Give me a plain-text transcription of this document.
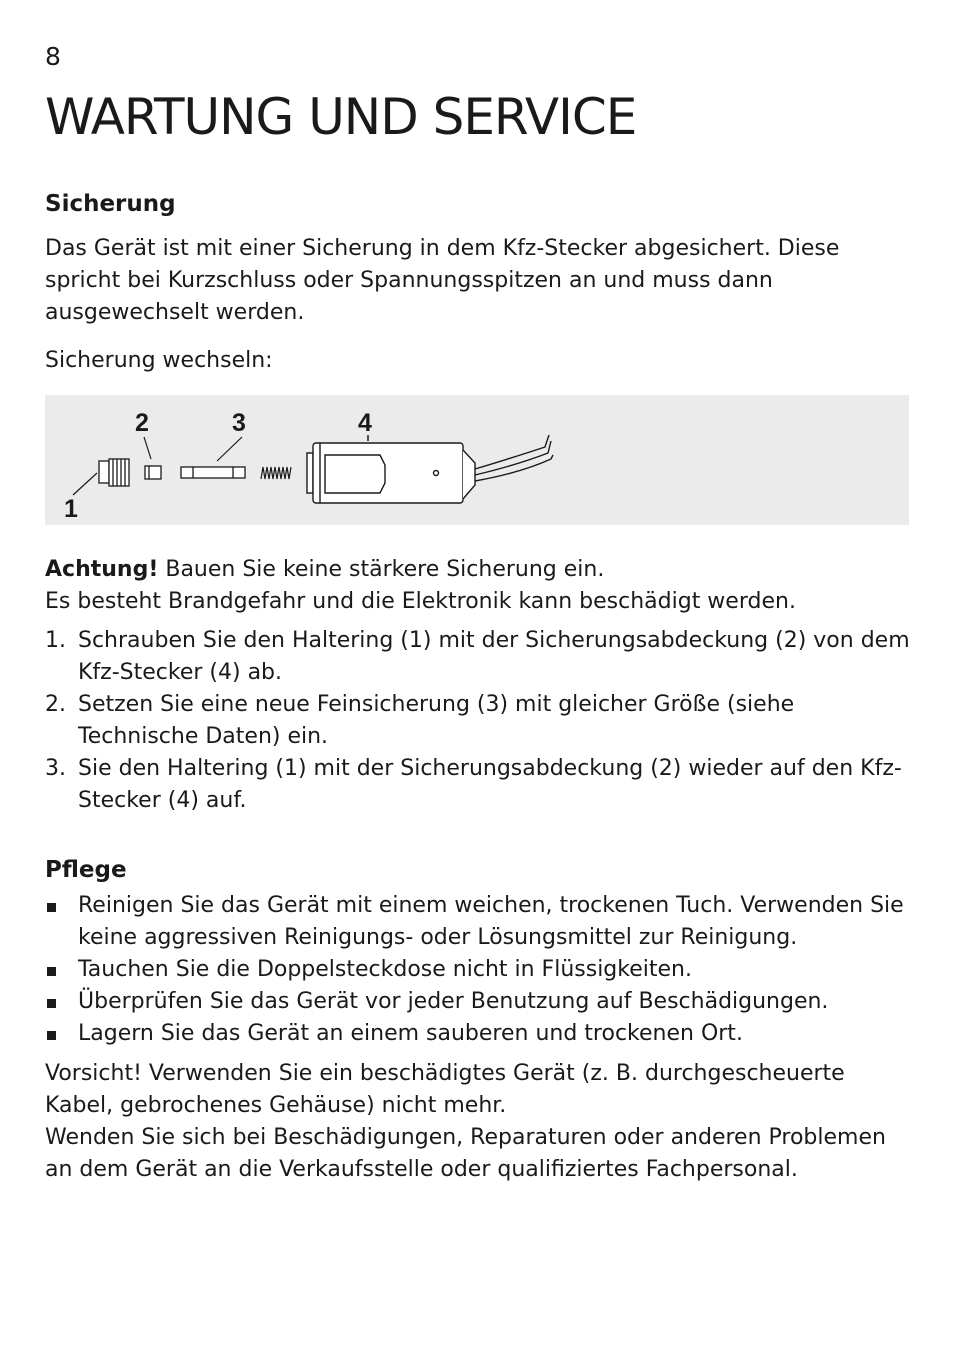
8
WARTUNG UND SERVICE
Sicherung

Das Gerät ist mit einer Sicherung in dem Kfz-Stecker abgesichert. Diese spricht bei Kurzschluss oder Spannungsspitzen an und muss dann ausgewechselt werden.

Sicherung wechseln:

2	3	4
1

Achtung! Bauen Sie keine stärkere Sicherung ein.

Es besteht Brandgefahr und die Elektronik kann beschädigt werden.

1. Schrauben Sie den Haltering (1) mit der Sicherungsabdeckung (2) von dem Kfz-Stecker (4) ab.
2. Setzen Sie eine neue Feinsicherung (3) mit gleicher Größe (siehe Technische Daten) ein.
3. Sie den Haltering (1) mit der Sicherungsabdeckung (2) wieder auf den Kfz-Stecker (4) auf.
Pflege
Reinigen Sie das Gerät mit einem weichen, trockenen Tuch. Verwenden Sie keine aggressiven Reinigungs- oder Lösungsmittel zur Reinigung.
Tauchen Sie die Doppelsteckdose nicht in Flüssigkeiten.
Überprüfen Sie das Gerät vor jeder Benutzung auf Beschädigungen.
Lagern Sie das Gerät an einem sauberen und trockenen Ort.

Vorsicht! Verwenden Sie ein beschädigtes Gerät (z. B. durchgescheuerte Kabel, gebrochenes Gehäuse) nicht mehr.

Wenden Sie sich bei Beschädigungen, Reparaturen oder anderen Problemen an dem Gerät an die Verkaufsstelle oder qualifiziertes Fachpersonal.
